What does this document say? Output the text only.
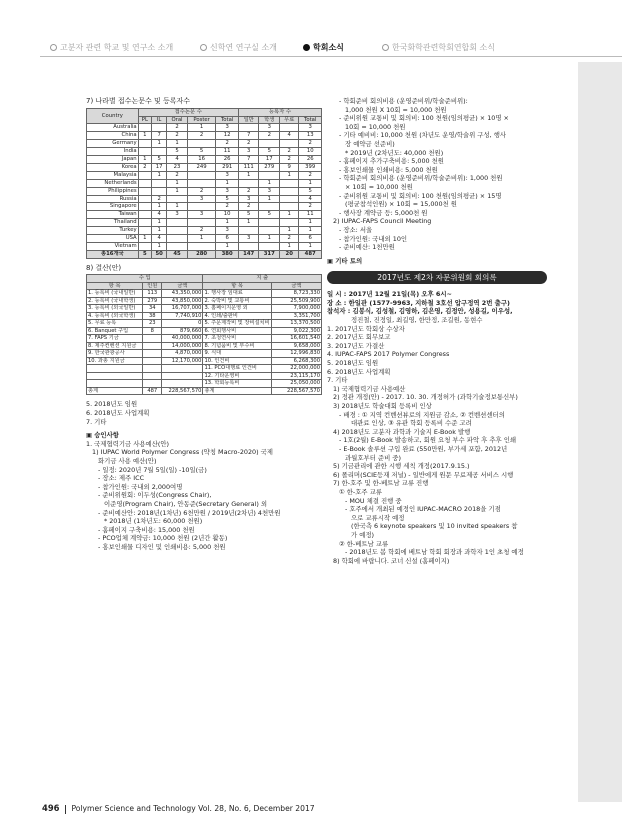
고분자 관련 학교 및 연구소 소개	신학연 연구실 소개	학회소식	한국화학관련학회연합회 소식

7) 나라별 접수논문수 및 등록자수

Country	접수논문 수					등록자 수			
	PL	IL	Oral	Poster	Total	일반	학생	무료	Total
Australia			2	1	3		3		3
China	1	7	2	2	12	7	2	4	13
Germany		1	1		2	2			2
India			5	5	11	3	5	2	10
Japan	1	5	4	16	26	7	17	2	26
Korea	2	17	23	249	291	111	279	9	399
Malaysia		1	2		3	1		1	2
Netherlands			1		1		1		1
Philippines			1	2	3	2	3		5
Russia		2		3	5	3	1		4
Singapore		1	1		2	2			2
Taiwan		4	3	3	10	5	5	1	11
Thailand		1			1	1			1
Turkey		1		2	3			1	1
USA	1	4		1	6	3	1	2	6
Vietnam		1			1			1	1
총16개국	5	50	45	280	380	147	317	20	487

8) 결산(안)

수 입			지 출	
항 목	인원	금액	항 목	금액
1. 등록비 (국내일반)	113	43,350,000	1. 행사장 임대료	8,723,330
2. 등록비 (국내학생)	279	43,850,000	2. 숙박비 및 교통비	25,509,900
3. 등록비 (외국일반)	34	16,707,000	3. 홈페이지운영 외	7,900,000
4. 등록비 (외국학생)	38	7,740,910	4. 인쇄/출판비	3,351,700
5. 무료 등록	23	0	5. 주문제작비 및 장비설치비	13,370,500
6. Banquet 구입	8	879,660	6. 연회행사비	9,022,300
7. FAPS 기금		40,000,000	7. 초청연사비	16,601,540
8. 제주컨벤션 지원금		14,000,000	8. 기념품비 및 부수비	9,658,000
9. 한국관광공사		4,870,000	9. 식대	12,996,830
10. 과총 지원금		12,170,000	10. 인건비	6,268,300
			11. PCO대행료 인건비	22,000,000
			12. 기타운영비	23,115,170
			13. 학회등록비	25,050,000
총계	487	228,567,570	총계	228,567,570

5. 2018년도 임원

6. 2018년도 사업계획

7. 기타

▣ 승인사항

1. 국제협력기금 사용예산(안)

1) IUPAC World Polymer Congress (약칭 Macro-2020) 국제

화기금 사용 예산(안)

- 일정: 2020년 7월 5일(일) -10일(금)

- 장소: 제주 ICC

- 참가인원: 국내외 2,000여명

- 준비위원회: 이두성(Congress Chair),

이준영(Program Chair), 안동준(Secretary General) 외

- 준비예산안: 2018년(1차년) 6천만원 / 2019년(2차년) 4천만원

* 2018년 (1차년도: 60,000 천원)

- 홈페이지 구축비용: 15,000 천원

- PCO업체 계약금: 10,000 천원 (2년간 활동)

- 홍보인쇄물 디자인 및 인쇄비용: 5,000 천원

- 학회준비 회의비용 (운영준비위/학술준비위):

1,000 천원 X 10회 = 10,000 천원

- 준비위원 교통비 및 회의비: 100 천원(임의평균) × 10명 ×

10회 = 10,000 천원

- 기타 예비비: 10,000 천원 (차년도 운영/학술위 구성, 행사

장 예약금 선준비)

* 2019년 (2차년도: 40,000 천원)

- 홈페이지 추가구축비용: 5,000 천원

- 홍보인쇄물 인쇄비용: 5,000 천원

- 학회준비 회의비용 (운영준비위/학술준비위): 1,000 천원

× 10회 = 10,000 천원

- 준비위원 교통비 및 회의비: 100 천원(임의평균) × 15명

(평균참석인원) × 10회 = 15,000천 원

- 행사장 계약금 등: 5,000천 원

2) IUPAC-FAPS Council Meeting

- 장소: 서울

- 참가인원: 국내외 10인

- 준비예산: 1천만원

▣ 기타 토의

2017년도 제2차 자문위원회 회의록

일 시 : 2017년 12월 21일(목) 오후 6시~

장 소 : 한일관 (1577-9963, 지하철 3호선 압구정역 2번 출구)

참석자 : 김봉식, 김성철, 김영하, 김은영, 김정안, 성용길, 이우성,

정진철, 진정일, 최길영, 한만정, 조길원, 동현수

1. 2017년도 학회상 수상자

2. 2017년도 회무보고

3. 2017년도 가결산

4. IUPAC-FAPS 2017 Polymer Congress

5. 2018년도 임원

6. 2018년도 사업계획

7. 기타

1) 국제협력기금 사용예산

2) 정관 개정(안) - 2017. 10. 30. 개정허가 (과학기술정보통신부)

3) 2018년도 학술대회 등록비 인상

- 배경 : ① 지역 컨벤션뷰로의 지원금 감소, ② 컨벤션센터의

대관료 인상, ③ 유관 학회 등록비 수준 고려

4) 2018년도 고분자 과학과 기술지 E-Book 발행

- 1호(2월) E-Book 발송하고, 회원 요청 부수 파악 후 추후 인쇄

- E-Book 솔루션 구입 완료 (550만원, 부가세 포함, 2012년

과월호부터 준비 중)

5) 기금관리에 관한 시행 세칙 개정(2017.9.15.)

6) 폴리머(SCIE등재 저널) - 일반에게 원문 무료제공 서비스 시행

7) 한-호주 및 한-베트남 교류 진행

① 한-호주 교류

- MOU 체결 진행 중

- 호주에서 개최된 예정인 IUPAC-MACRO 2018을 기점

으로 교류시작 예정

(한국측 6 keynote speakers 및 10 invited speakers 참

가 예정)

② 한-베트남 교류

- 2018년도 봄 학회에 베트남 학회 회장과 과학자 1인 초청 예정

8) 학회에 바랍니다. 코너 신설 (홈페이지)

496 Polymer Science and Technology Vol. 28, No. 6, December 2017
